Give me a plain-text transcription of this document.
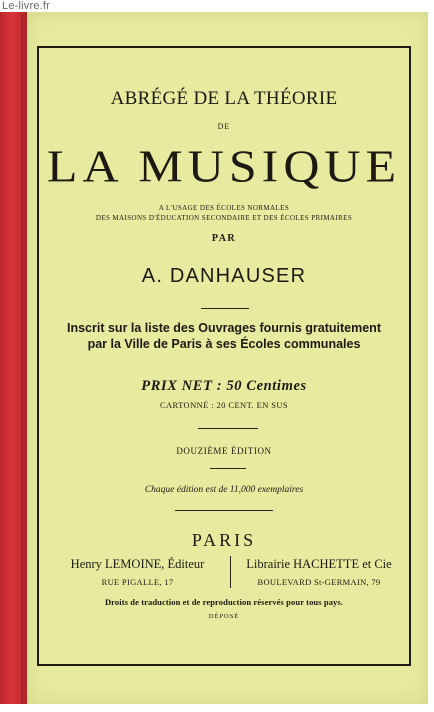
Le-livre.fr
ABRÉGÉ DE LA THÉORIE
DE
LA MUSIQUE
A L'USAGE DES ÉCOLES NORMALES
DES MAISONS D'ÉDUCATION SECONDAIRE ET DES ÉCOLES PRIMAIRES
PAR
A. DANHAUSER
Inscrit sur la liste des Ouvrages fournis gratuitement
par la Ville de Paris à ses Écoles communales
PRIX NET : 50 Centimes
CARTONNÉ : 20 CENT. EN SUS
DOUZIÈME ÉDITION
Chaque édition est de 11,000 exemplaires
PARIS
Henry LEMOINE, Éditeur
RUE PIGALLE, 17
Librairie HACHETTE et Cie
BOULEVARD St-GERMAIN, 79
Droits de traduction et de reproduction réservés pour tous pays.
DÉPOSÉ
